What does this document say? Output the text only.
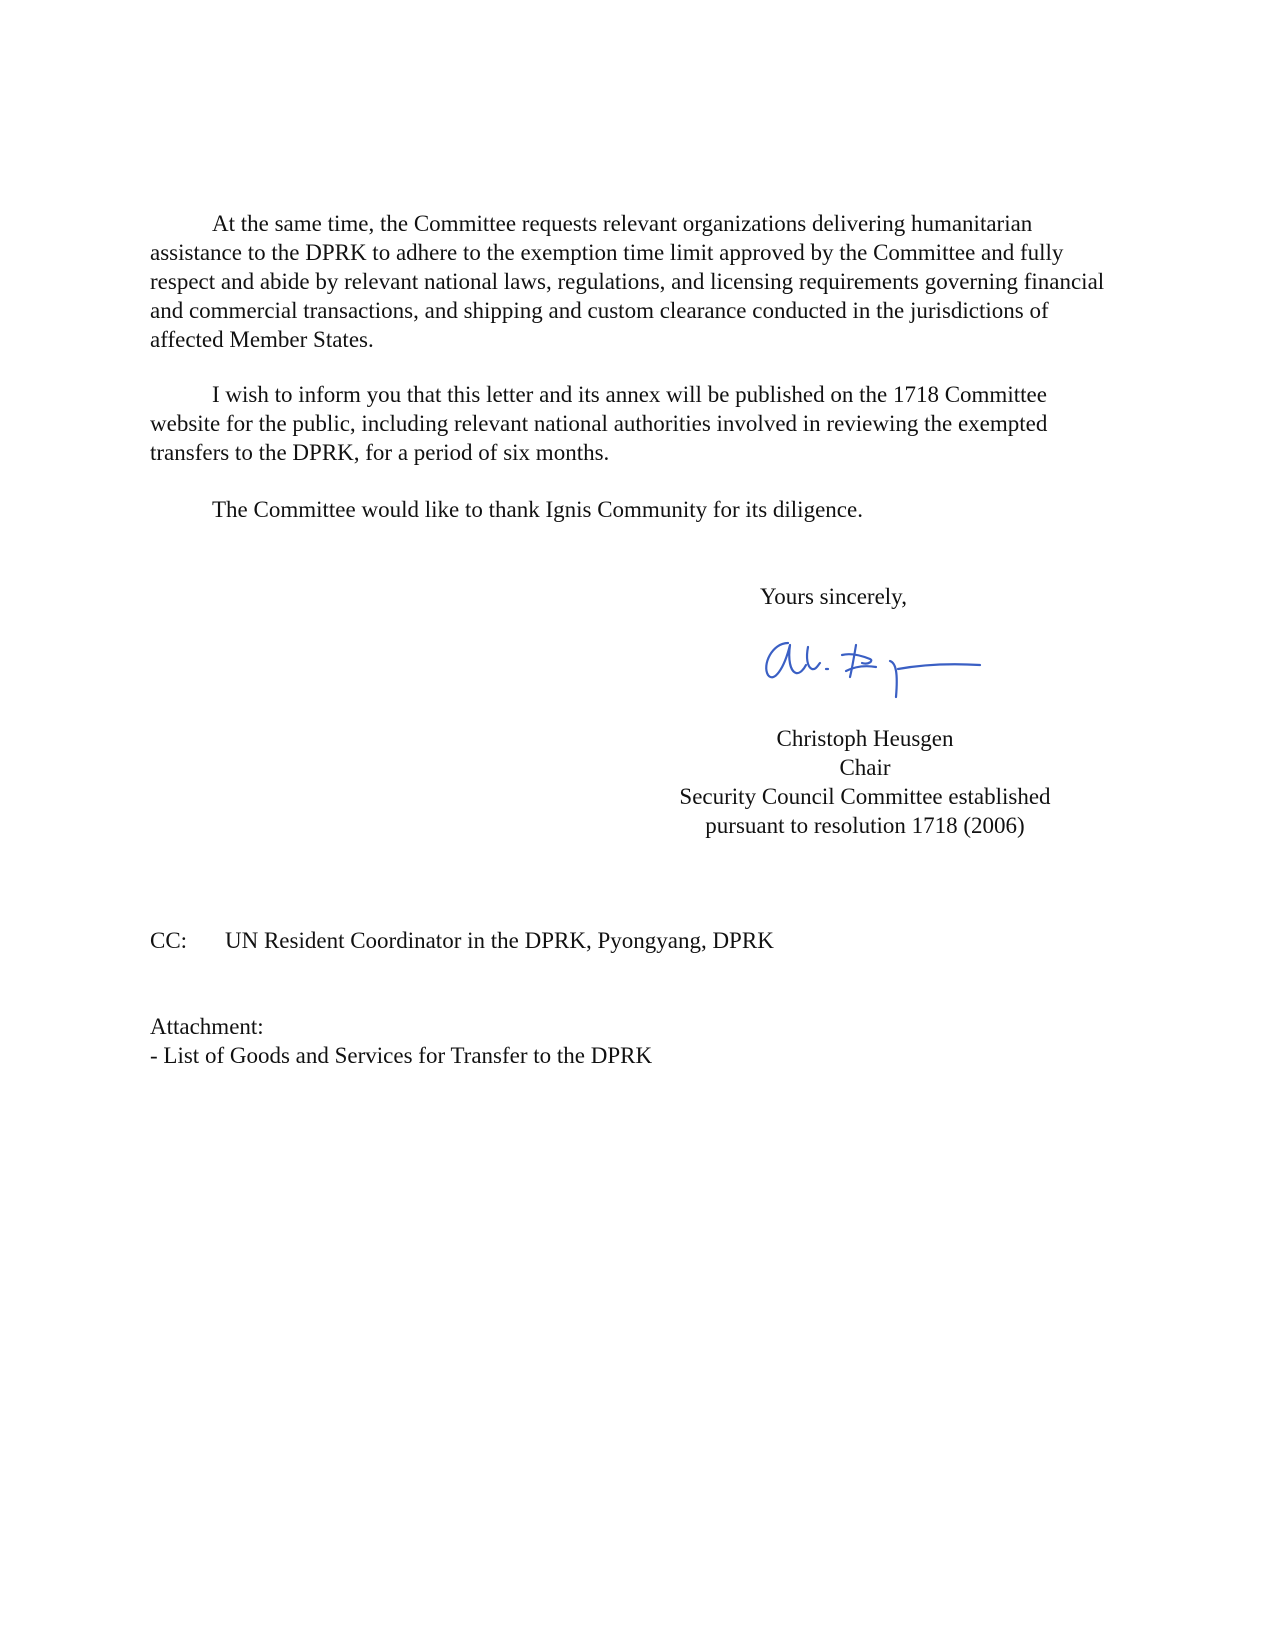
At the same time, the Committee requests relevant organizations delivering humanitarian assistance to the DPRK to adhere to the exemption time limit approved by the Committee and fully respect and abide by relevant national laws, regulations, and licensing requirements governing financial and commercial transactions, and shipping and custom clearance conducted in the jurisdictions of affected Member States.

I wish to inform you that this letter and its annex will be published on the 1718 Committee website for the public, including relevant national authorities involved in reviewing the exempted transfers to the DPRK, for a period of six months.

The Committee would like to thank Ignis Community for its diligence.

Yours sincerely,
Christoph Heusgen
Chair
Security Council Committee established
pursuant to resolution 1718 (2006)
CC: UN Resident Coordinator in the DPRK, Pyongyang, DPRK
Attachment:
- List of Goods and Services for Transfer to the DPRK
